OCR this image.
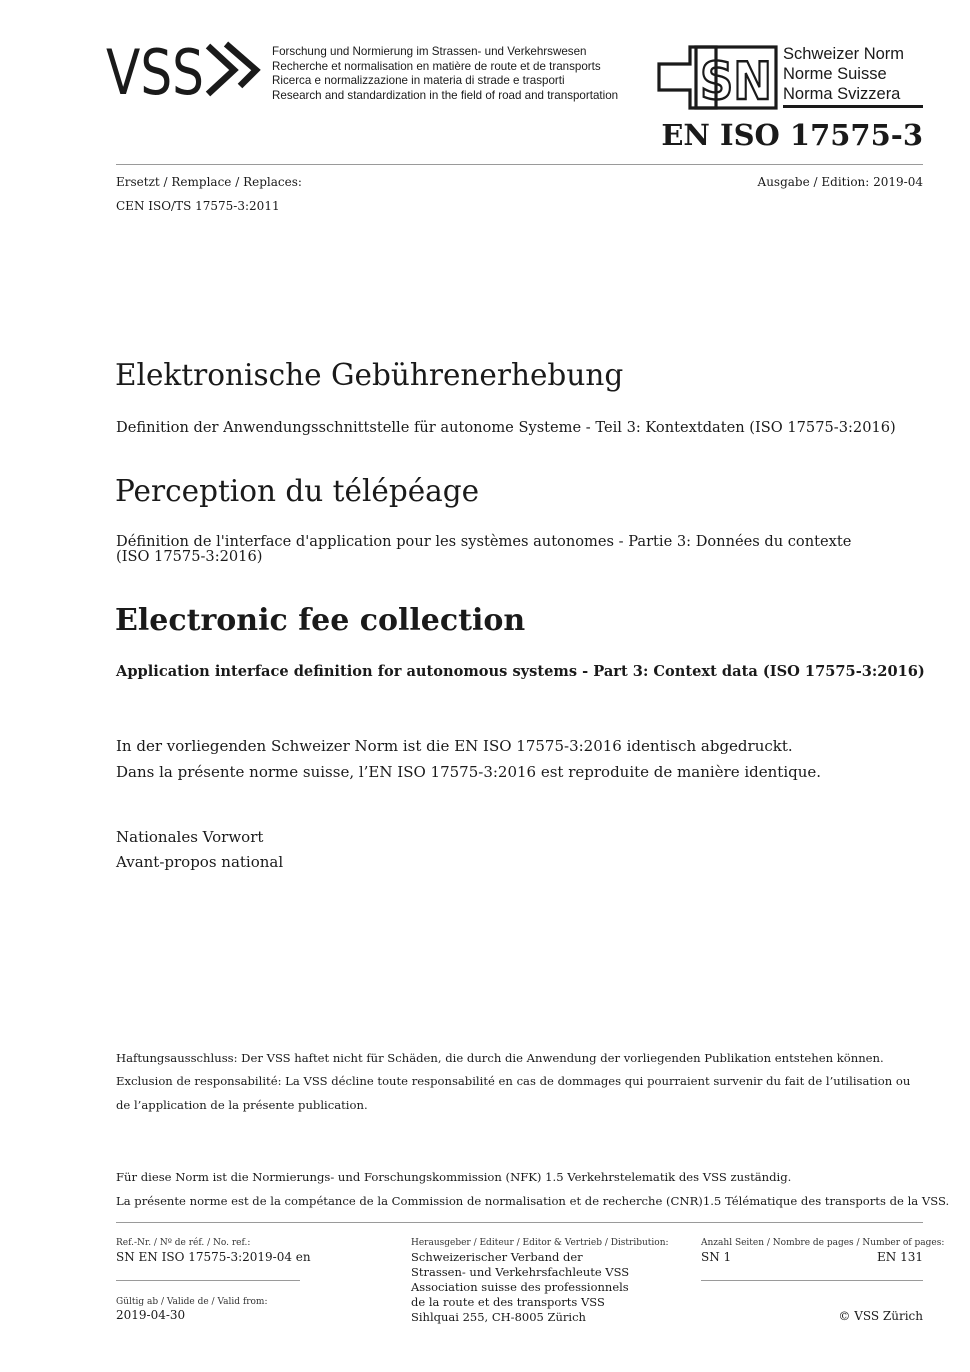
VSS	Forschung und Normierung im Strassen- und Verkehrswesen
Recherche et normalisation en matière de route et de transports
Ricerca e normalizzazione in materia di strade e trasporti
Research and standardization in the field of road and transportation SN Schweizer Norm
Norme Suisse
Norma Svizzera
EN ISO 17575-3
Ersetzt / Remplace / Replaces:	Ausgabe / Edition: 2019-04
CEN ISO/TS 17575-3:2011
Elektronische Gebührenerhebung
Definition der Anwendungsschnittstelle für autonome Systeme - Teil 3: Kontextdaten (ISO 17575-3:2016)
Perception du télépéage
Définition de l'interface d'application pour les systèmes autonomes - Partie 3: Données du contexte
(ISO 17575-3:2016)
Electronic fee collection
Application interface definition for autonomous systems - Part 3: Context data (ISO 17575-3:2016)
In der vorliegenden Schweizer Norm ist die EN ISO 17575-3:2016 identisch abgedruckt.
Dans la présente norme suisse, l’EN ISO 17575-3:2016 est reproduite de manière identique.
Nationales Vorwort
Avant-propos national
Haftungsausschluss: Der VSS haftet nicht für Schäden, die durch die Anwendung der vorliegenden Publikation entstehen können.
Exclusion de responsabilité: La VSS décline toute responsabilité en cas de dommages qui pourraient survenir du fait de l’utilisation ou
de l’application de la présente publication.
Für diese Norm ist die Normierungs- und Forschungskommission (NFK) 1.5 Verkehrstelematik des VSS zuständig.
La présente norme est de la compétance de la Commission de normalisation et de recherche (CNR)1.5 Télématique des transports de la VSS.
Ref.-Nr. / Nº de réf. / No. ref.:
SN EN ISO 17575-3:2019-04 en
Gültig ab / Valide de / Valid from:
2019-04-30
Herausgeber / Editeur / Editor & Vertrieb / Distribution:
Schweizerischer Verband der
Strassen- und Verkehrsfachleute VSS
Association suisse des professionnels
de la route et des transports VSS
Sihlquai 255, CH-8005 Zürich
Anzahl Seiten / Nombre de pages / Number of pages:
SN 1	EN 131
© VSS Zürich
